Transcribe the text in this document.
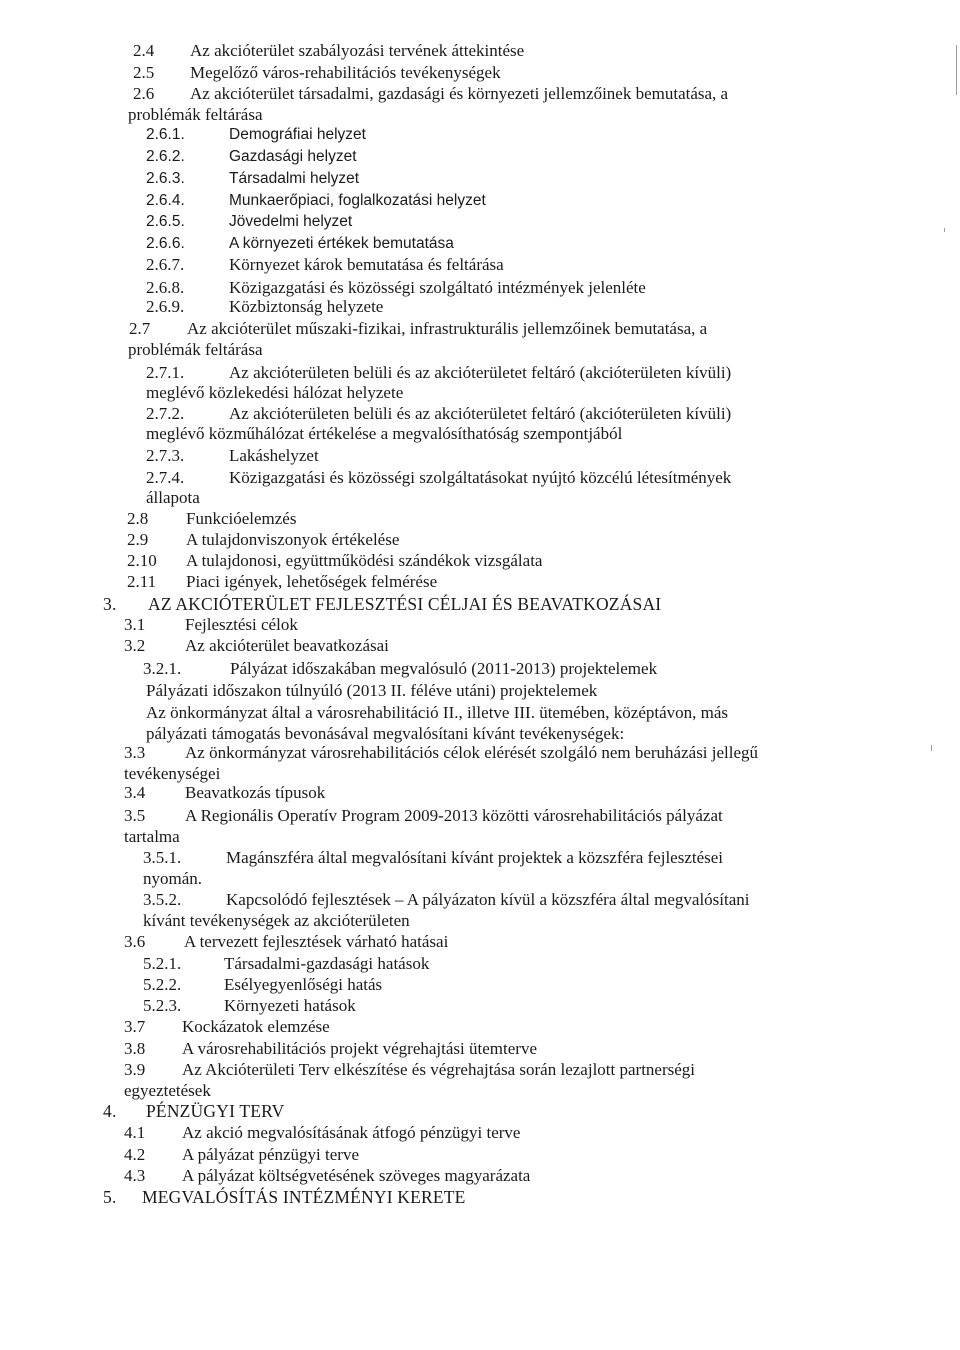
2.4 Az akcióterület szabályozási tervének áttekintése
2.5 Megelőző város-rehabilitációs tevékenységek
2.6 Az akcióterület társadalmi, gazdasági és környezeti jellemzőinek bemutatása, a
problémák feltárása
2.6.1.	Demográfiai helyzet
2.6.2.	Gazdasági helyzet
2.6.3.	Társadalmi helyzet
2.6.4.	Munkaerőpiaci, foglalkozatási helyzet
2.6.5.	Jövedelmi helyzet
2.6.6.	A környezeti értékek bemutatása
2.6.7.	Környezet károk bemutatása és feltárása
2.6.8.	Közigazgatási és közösségi szolgáltató intézmények jelenléte
2.6.9.	Közbiztonság helyzete
2.7 Az akcióterület műszaki-fizikai, infrastrukturális jellemzőinek bemutatása, a
problémák feltárása
2.7.1.	Az akcióterületen belüli és az akcióterületet feltáró (akcióterületen kívüli)
meglévő közlekedési hálózat helyzete
2.7.2.	Az akcióterületen belüli és az akcióterületet feltáró (akcióterületen kívüli)
meglévő közműhálózat értékelése a megvalósíthatóság szempontjából
2.7.3.	Lakáshelyzet
2.7.4.	Közigazgatási és közösségi szolgáltatásokat nyújtó közcélú létesítmények
állapota
2.8 Funkcióelemzés
2.9 A tulajdonviszonyok értékelése
2.10 A tulajdonosi, együttműködési szándékok vizsgálata
2.11 Piaci igények, lehetőségek felmérése
3. AZ AKCIÓTERÜLET FEJLESZTÉSI CÉLJAI ÉS BEAVATKOZÁSAI
3.1 Fejlesztési célok
3.2 Az akcióterület beavatkozásai
3.2.1.	Pályázat időszakában megvalósuló (2011-2013) projektelemek
Pályázati időszakon túlnyúló (2013 II. féléve utáni) projektelemek
Az önkormányzat által a városrehabilitáció II., illetve III. ütemében, középtávon, más
pályázati támogatás bevonásával megvalósítani kívánt tevékenységek:
3.3 Az önkormányzat városrehabilitációs célok elérését szolgáló nem beruházási jellegű
tevékenységei
3.4 Beavatkozás típusok
3.5 A Regionális Operatív Program 2009-2013 közötti városrehabilitációs pályázat
tartalma
3.5.1.	Magánszféra által megvalósítani kívánt projektek a közszféra fejlesztései
nyomán.
3.5.2.	Kapcsolódó fejlesztések – A pályázaton kívül a közszféra által megvalósítani
kívánt tevékenységek az akcióterületen
3.6 A tervezett fejlesztések várható hatásai
5.2.1.	Társadalmi-gazdasági hatások
5.2.2.	Esélyegyenlőségi hatás
5.2.3.	Környezeti hatások
3.7 Kockázatok elemzése
3.8 A városrehabilitációs projekt végrehajtási ütemterve
3.9 Az Akcióterületi Terv elkészítése és végrehajtása során lezajlott partnerségi
egyeztetések
4. PÉNZÜGYI TERV
4.1 Az akció megvalósításának átfogó pénzügyi terve
4.2 A pályázat pénzügyi terve
4.3 A pályázat költségvetésének szöveges magyarázata
5. MEGVALÓSÍTÁS INTÉZMÉNYI KERETE
